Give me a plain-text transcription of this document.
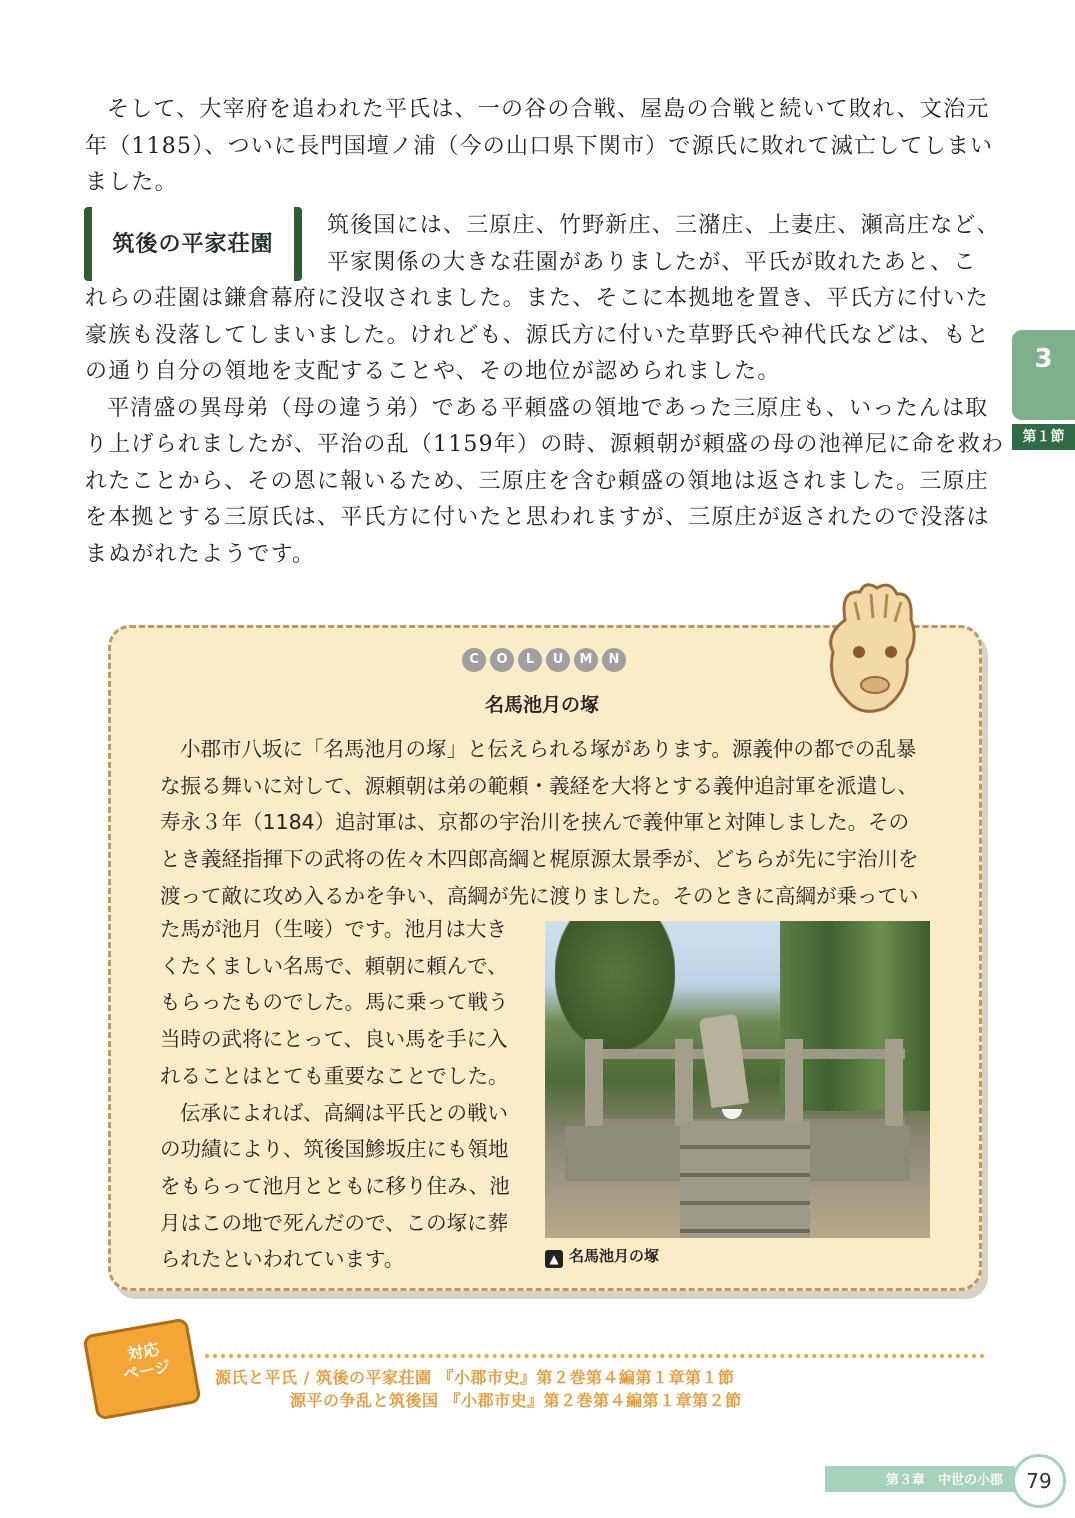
そして、大宰府を追われた平氏は、一の谷の合戦、屋島の合戦と続いて敗れ、文治元

年（1185）、ついに長門国壇ノ浦（今の山口県下関市）で源氏に敗れて滅亡してしまい

ました。

筑後の平家荘園

筑後国には、三原庄、竹野新庄、三潴庄、上妻庄、瀬高庄など、

平家関係の大きな荘園がありましたが、平氏が敗れたあと、こ

れらの荘園は鎌倉幕府に没収されました。また、そこに本拠地を置き、平氏方に付いた

豪族も没落してしまいました。けれども、源氏方に付いた草野氏や神代氏などは、もと

の通り自分の領地を支配することや、その地位が認められました。

平清盛の異母弟（母の違う弟）である平頼盛の領地であった三原庄も、いったんは取

り上げられましたが、平治の乱（1159年）の時、源頼朝が頼盛の母の池禅尼に命を救わ

れたことから、その恩に報いるため、三原庄を含む頼盛の領地は返されました。三原庄

を本拠とする三原氏は、平氏方に付いたと思われますが、三原庄が返されたので没落は

まぬがれたようです。

3
第１節
C	O	L	U	M	N
名馬池月の塚

小郡市八坂に「名馬池月の塚」と伝えられる塚があります。源義仲の都での乱暴

な振る舞いに対して、源頼朝は弟の範頼・義経を大将とする義仲追討軍を派遣し、

寿永３年（1184）追討軍は、京都の宇治川を挟んで義仲軍と対陣しました。その

とき義経指揮下の武将の佐々木四郎高綱と梶原源太景季が、どちらが先に宇治川を

渡って敵に攻め入るかを争い、高綱が先に渡りました。そのときに高綱が乗ってい

た馬が池月（生唼）です。池月は大き

くたくましい名馬で、頼朝に頼んで、

もらったものでした。馬に乗って戦う

当時の武将にとって、良い馬を手に入

れることはとても重要なことでした。

伝承によれば、高綱は平氏との戦い

の功績により、筑後国鯵坂庄にも領地

をもらって池月とともに移り住み、池

月はこの地で死んだので、この塚に葬

られたといわれています。	▲ 名馬池月の塚
対応
ページ	源氏と平氏 / 筑後の平家荘園 『小郡市史』第２巻第４編第１章第１節
源平の争乱と筑後国 『小郡市史』第２巻第４編第１章第２節
第３章　中世の小郡	79
